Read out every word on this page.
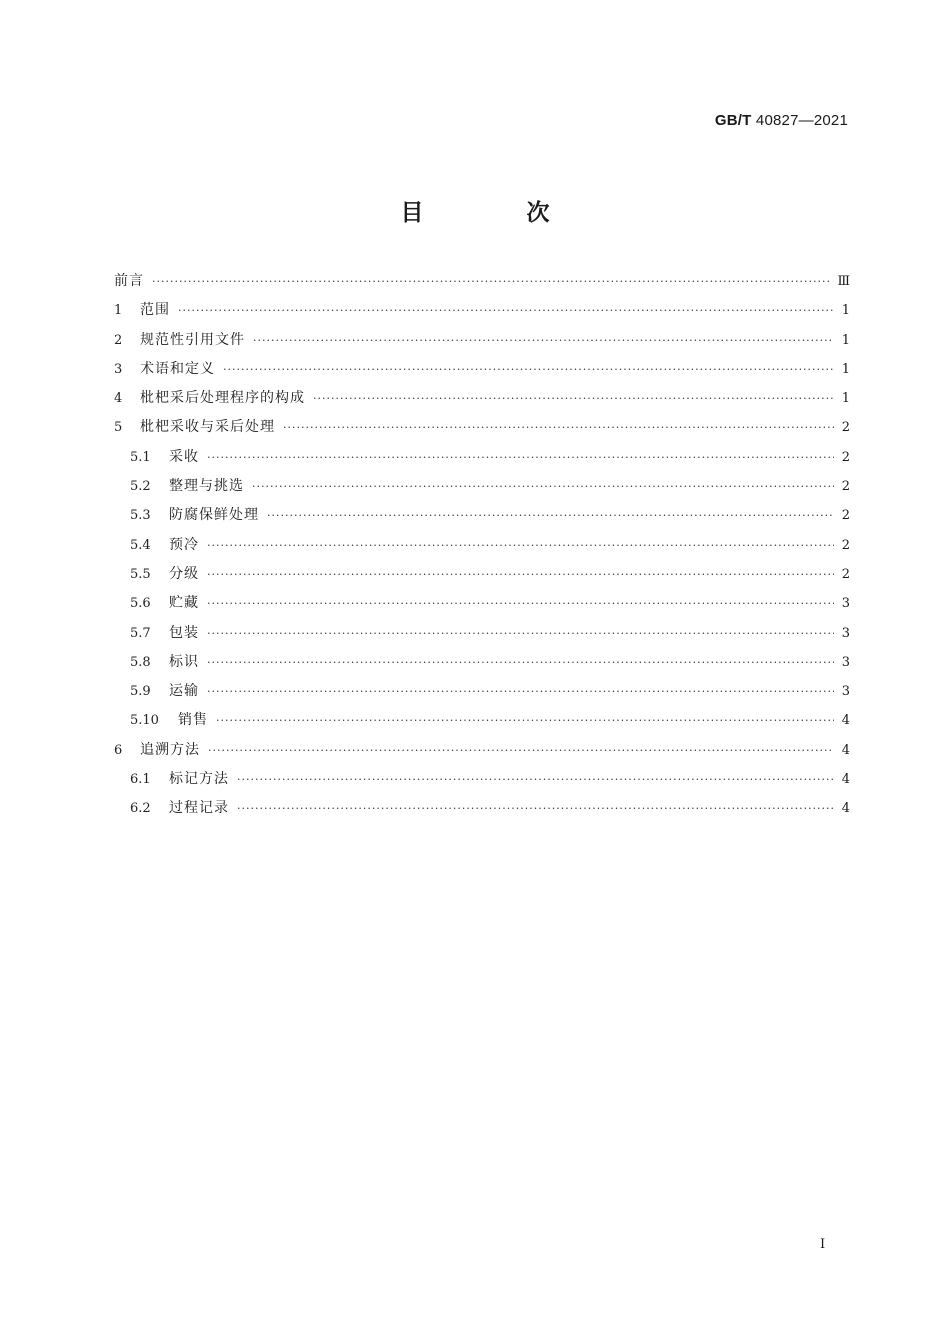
GB/T 40827—2021
目　次
前言 ·····	Ⅲ
1	范围 ·····	1
2	规范性引用文件 ·····	1
3	术语和定义 ·····	1
4	枇杷采后处理程序的构成 ·····	1
5	枇杷采收与采后处理 ·····	2
5.1	采收 ·····	2
5.2	整理与挑选 ·····	2
5.3	防腐保鲜处理 ·····	2
5.4	预冷 ·····	2
5.5	分级 ·····	2
5.6	贮藏 ·····	3
5.7	包装 ·····	3
5.8	标识 ·····	3
5.9	运输 ·····	3
5.10	销售 ·····	4
6	追溯方法 ·····	4
6.1	标记方法 ·····	4
6.2	过程记录 ·····	4
I
